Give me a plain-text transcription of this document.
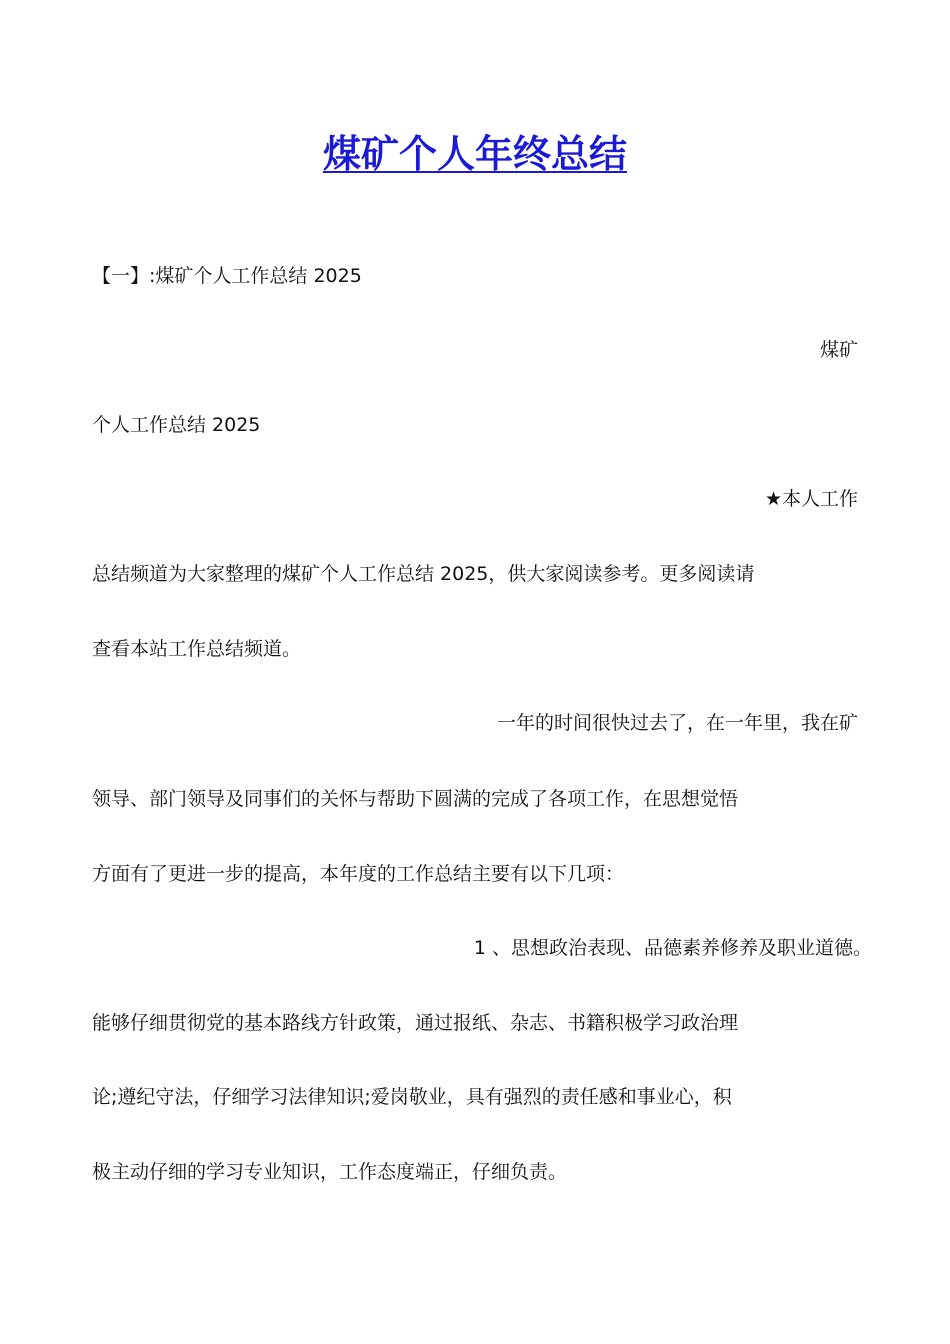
煤矿个人年终总结
【一】:煤矿个人工作总结 2025
煤矿
个人工作总结 2025
★本人工作
总结频道为大家整理的煤矿个人工作总结 2025，供大家阅读参考。更多阅读请
查看本站工作总结频道。
一年的时间很快过去了，在一年里，我在矿
领导、部门领导及同事们的关怀与帮助下圆满的完成了各项工作，在思想觉悟
方面有了更进一步的提高，本年度的工作总结主要有以下几项：
1 、思想政治表现、品德素养修养及职业道德。
能够仔细贯彻党的基本路线方针政策，通过报纸、杂志、书籍积极学习政治理
论;遵纪守法，仔细学习法律知识;爱岗敬业，具有强烈的责任感和事业心，积
极主动仔细的学习专业知识，工作态度端正，仔细负责。
